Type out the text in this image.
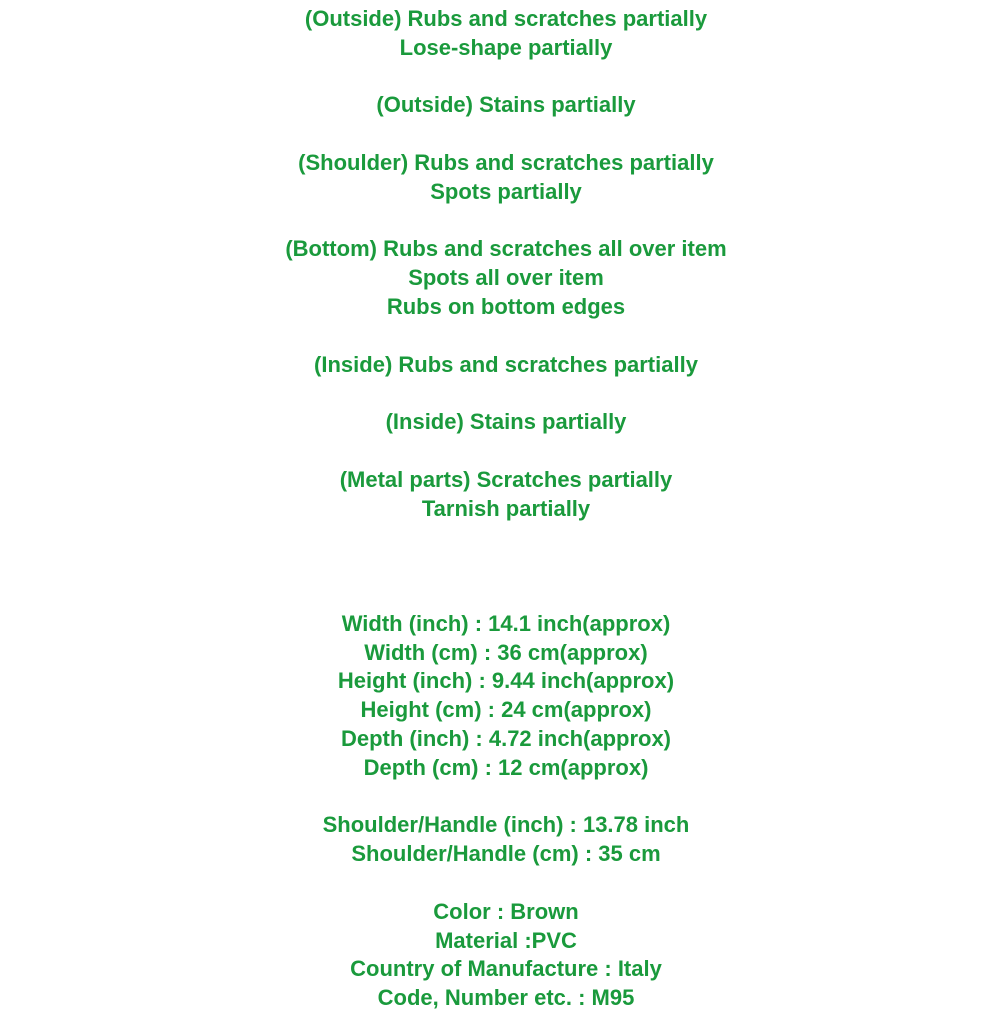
(Outside) Rubs and scratches partially
Lose-shape partially
(Outside) Stains partially
(Shoulder) Rubs and scratches partially
Spots partially
(Bottom) Rubs and scratches all over item
Spots all over item
Rubs on bottom edges
(Inside) Rubs and scratches partially
(Inside) Stains partially
(Metal parts) Scratches partially
Tarnish partially
Width (inch) : 14.1 inch(approx)
Width (cm) : 36 cm(approx)
Height (inch) : 9.44 inch(approx)
Height (cm) : 24 cm(approx)
Depth (inch) : 4.72 inch(approx)
Depth (cm) : 12 cm(approx)
Shoulder/Handle (inch) : 13.78 inch
Shoulder/Handle (cm) : 35 cm
Color : Brown
Material :PVC
Country of Manufacture : Italy
Code, Number etc. : M95
